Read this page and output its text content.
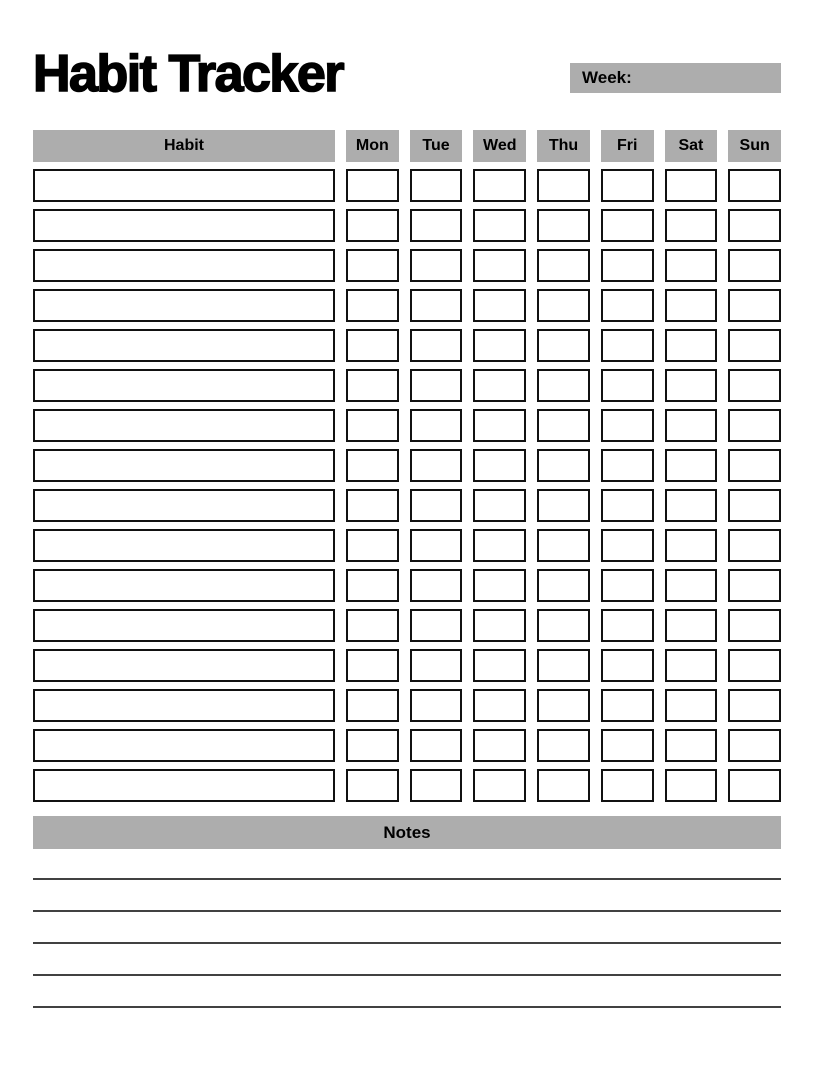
Habit Tracker	Week:
Habit	Mon	Tue	Wed	Thu	Fri	Sat	Sun
Notes
